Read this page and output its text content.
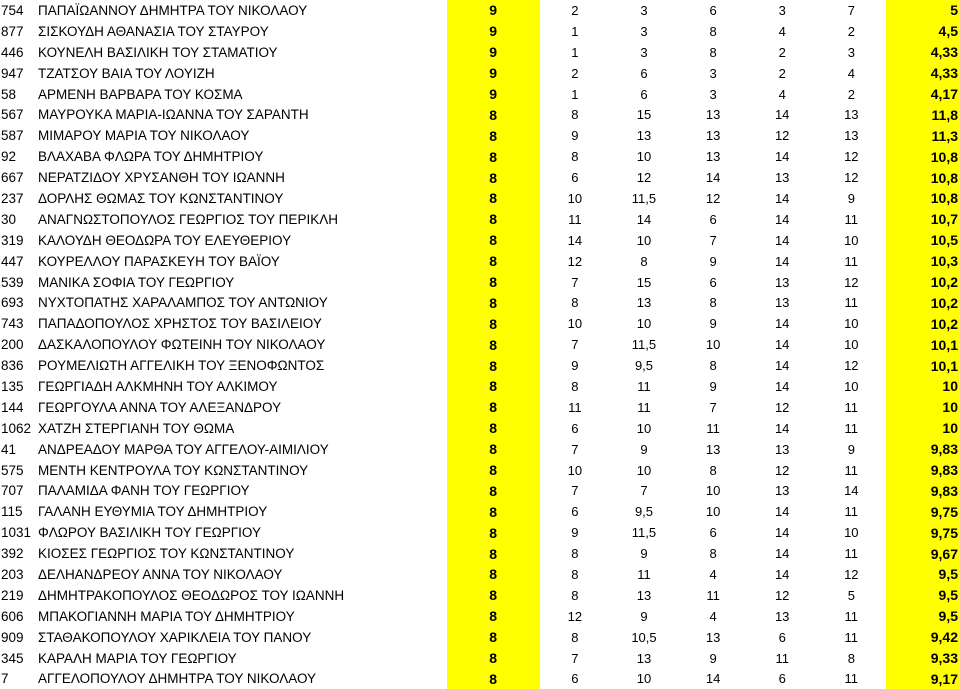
754	ΠΑΠΑΪΩΑΝΝΟΥ ΔΗΜΗΤΡΑ ΤΟΥ ΝΙΚΟΛΑΟΥ	9	2	3	6	3	7	5
877	ΣΙΣΚΟΥΔΗ ΑΘΑΝΑΣΙΑ ΤΟΥ ΣΤΑΥΡΟΥ	9	1	3	8	4	2	4,5
446	ΚΟΥΝΕΛΗ ΒΑΣΙΛΙΚΗ ΤΟΥ ΣΤΑΜΑΤΙΟΥ	9	1	3	8	2	3	4,33
947	ΤΖΑΤΣΟΥ ΒΑΙΑ ΤΟΥ ΛΟΥΙΖΗ	9	2	6	3	2	4	4,33
58	ΑΡΜΕΝΗ ΒΑΡΒΑΡΑ ΤΟΥ ΚΟΣΜΑ	9	1	6	3	4	2	4,17
567	ΜΑΥΡΟΥΚΑ ΜΑΡΙΑ-ΙΩΑΝΝΑ ΤΟΥ ΣΑΡΑΝΤΗ	8	8	15	13	14	13	11,8
587	ΜΙΜΑΡΟΥ ΜΑΡΙΑ ΤΟΥ ΝΙΚΟΛΑΟΥ	8	9	13	13	12	13	11,3
92	ΒΛΑΧΑΒΑ ΦΛΩΡΑ ΤΟΥ ΔΗΜΗΤΡΙΟΥ	8	8	10	13	14	12	10,8
667	ΝΕΡΑΤΖΙΔΟΥ ΧΡΥΣΑΝΘΗ ΤΟΥ ΙΩΑΝΝΗ	8	6	12	14	13	12	10,8
237	ΔΟΡΛΗΣ ΘΩΜΑΣ ΤΟΥ ΚΩΝΣΤΑΝΤΙΝΟΥ	8	10	11,5	12	14	9	10,8
30	ΑΝΑΓΝΩΣΤΟΠΟΥΛΟΣ ΓΕΩΡΓΙΟΣ ΤΟΥ ΠΕΡΙΚΛΗ	8	11	14	6	14	11	10,7
319	ΚΑΛΟΥΔΗ ΘΕΟΔΩΡΑ ΤΟΥ ΕΛΕΥΘΕΡΙΟΥ	8	14	10	7	14	10	10,5
447	ΚΟΥΡΕΛΛΟΥ ΠΑΡΑΣΚΕΥΗ ΤΟΥ ΒΑΪΟΥ	8	12	8	9	14	11	10,3
539	ΜΑΝΙΚΑ ΣΟΦΙΑ ΤΟΥ ΓΕΩΡΓΙΟΥ	8	7	15	6	13	12	10,2
693	ΝΥΧΤΟΠΑΤΗΣ ΧΑΡΑΛΑΜΠΟΣ ΤΟΥ ΑΝΤΩΝΙΟΥ	8	8	13	8	13	11	10,2
743	ΠΑΠΑΔΟΠΟΥΛΟΣ ΧΡΗΣΤΟΣ ΤΟΥ ΒΑΣΙΛΕΙΟΥ	8	10	10	9	14	10	10,2
200	ΔΑΣΚΑΛΟΠΟΥΛΟΥ ΦΩΤΕΙΝΗ ΤΟΥ ΝΙΚΟΛΑΟΥ	8	7	11,5	10	14	10	10,1
836	ΡΟΥΜΕΛΙΩΤΗ ΑΓΓΕΛΙΚΗ ΤΟΥ ΞΕΝΟΦΩΝΤΟΣ	8	9	9,5	8	14	12	10,1
135	ΓΕΩΡΓΙΑΔΗ ΑΛΚΜΗΝΗ ΤΟΥ ΑΛΚΙΜΟΥ	8	8	11	9	14	10	10
144	ΓΕΩΡΓΟΥΛΑ ΑΝΝΑ ΤΟΥ ΑΛΕΞΑΝΔΡΟΥ	8	11	11	7	12	11	10
1062	ΧΑΤΖΗ ΣΤΕΡΓΙΑΝΗ ΤΟΥ ΘΩΜΑ	8	6	10	11	14	11	10
41	ΑΝΔΡΕΑΔΟΥ ΜΑΡΘΑ ΤΟΥ ΑΓΓΕΛΟΥ-ΑΙΜΙΛΙΟΥ	8	7	9	13	13	9	9,83
575	ΜΕΝΤΗ ΚΕΝΤΡΟΥΛΑ ΤΟΥ ΚΩΝΣΤΑΝΤΙΝΟΥ	8	10	10	8	12	11	9,83
707	ΠΑΛΑΜΙΔΑ ΦΑΝΗ ΤΟΥ ΓΕΩΡΓΙΟΥ	8	7	7	10	13	14	9,83
115	ΓΑΛΑΝΗ ΕΥΘΥΜΙΑ ΤΟΥ ΔΗΜΗΤΡΙΟΥ	8	6	9,5	10	14	11	9,75
1031	ΦΛΩΡΟΥ ΒΑΣΙΛΙΚΗ ΤΟΥ ΓΕΩΡΓΙΟΥ	8	9	11,5	6	14	10	9,75
392	ΚΙΟΣΕΣ ΓΕΩΡΓΙΟΣ ΤΟΥ ΚΩΝΣΤΑΝΤΙΝΟΥ	8	8	9	8	14	11	9,67
203	ΔΕΛΗΑΝΔΡΕΟΥ ΑΝΝΑ ΤΟΥ ΝΙΚΟΛΑΟΥ	8	8	11	4	14	12	9,5
219	ΔΗΜΗΤΡΑΚΟΠΟΥΛΟΣ ΘΕΟΔΩΡΟΣ ΤΟΥ ΙΩΑΝΝΗ	8	8	13	11	12	5	9,5
606	ΜΠΑΚΟΓΙΑΝΝΗ ΜΑΡΙΑ ΤΟΥ ΔΗΜΗΤΡΙΟΥ	8	12	9	4	13	11	9,5
909	ΣΤΑΘΑΚΟΠΟΥΛΟΥ ΧΑΡΙΚΛΕΙΑ ΤΟΥ ΠΑΝΟΥ	8	8	10,5	13	6	11	9,42
345	ΚΑΡΑΛΗ ΜΑΡΙΑ ΤΟΥ ΓΕΩΡΓΙΟΥ	8	7	13	9	11	8	9,33
7	ΑΓΓΕΛΟΠΟΥΛΟΥ ΔΗΜΗΤΡΑ ΤΟΥ ΝΙΚΟΛΑΟΥ	8	6	10	14	6	11	9,17
